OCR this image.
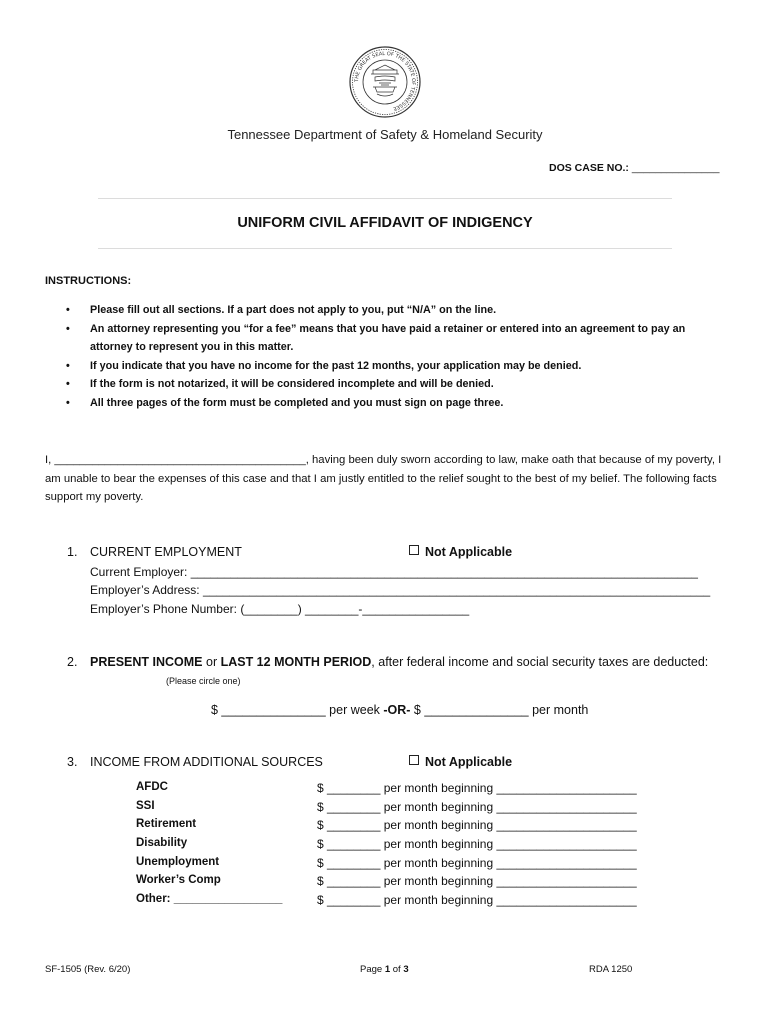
THE GREAT SEAL OF THE STATE OF TENNESSEE
Tennessee Department of Safety & Homeland Security
DOS CASE NO.: _______________
UNIFORM CIVIL AFFIDAVIT OF INDIGENCY
INSTRUCTIONS:
• Please fill out all sections. If a part does not apply to you, put “N/A” on the line.
• An attorney representing you “for a fee” means that you have paid a retainer or entered into an agreement to pay an attorney to represent you in this matter.
• If you indicate that you have no income for the past 12 months, your application may be denied.
• If the form is not notarized, it will be considered incomplete and will be denied.
• All three pages of the form must be completed and you must sign on page three.
I, ________________________________________, having been duly sworn according to law, make oath that because of my poverty, I am unable to bear the expenses of this case and that I am justly entitled to the relief sought to the best of my belief. The following facts support my poverty.
1. CURRENT EMPLOYMENT	Not Applicable
Current Employer: ____________________________________________________________________________
Employer’s Address: ____________________________________________________________________________
Employer’s Phone Number: (________) ________-________________
2. PRESENT INCOME or LAST 12 MONTH PERIOD, after federal income and social security taxes are deducted:
(Please circle one)
$ _______________ per week -OR- $ _______________ per month
3. INCOME FROM ADDITIONAL SOURCES	Not Applicable
AFDC	$ ________ per month beginning _____________________
SSI	$ ________ per month beginning _____________________
Retirement	$ ________ per month beginning _____________________
Disability	$ ________ per month beginning _____________________
Unemployment	$ ________ per month beginning _____________________
Worker’s Comp	$ ________ per month beginning _____________________
Other: _________________	$ ________ per month beginning _____________________
SF-1505 (Rev. 6/20)	Page 1 of 3	RDA 1250
